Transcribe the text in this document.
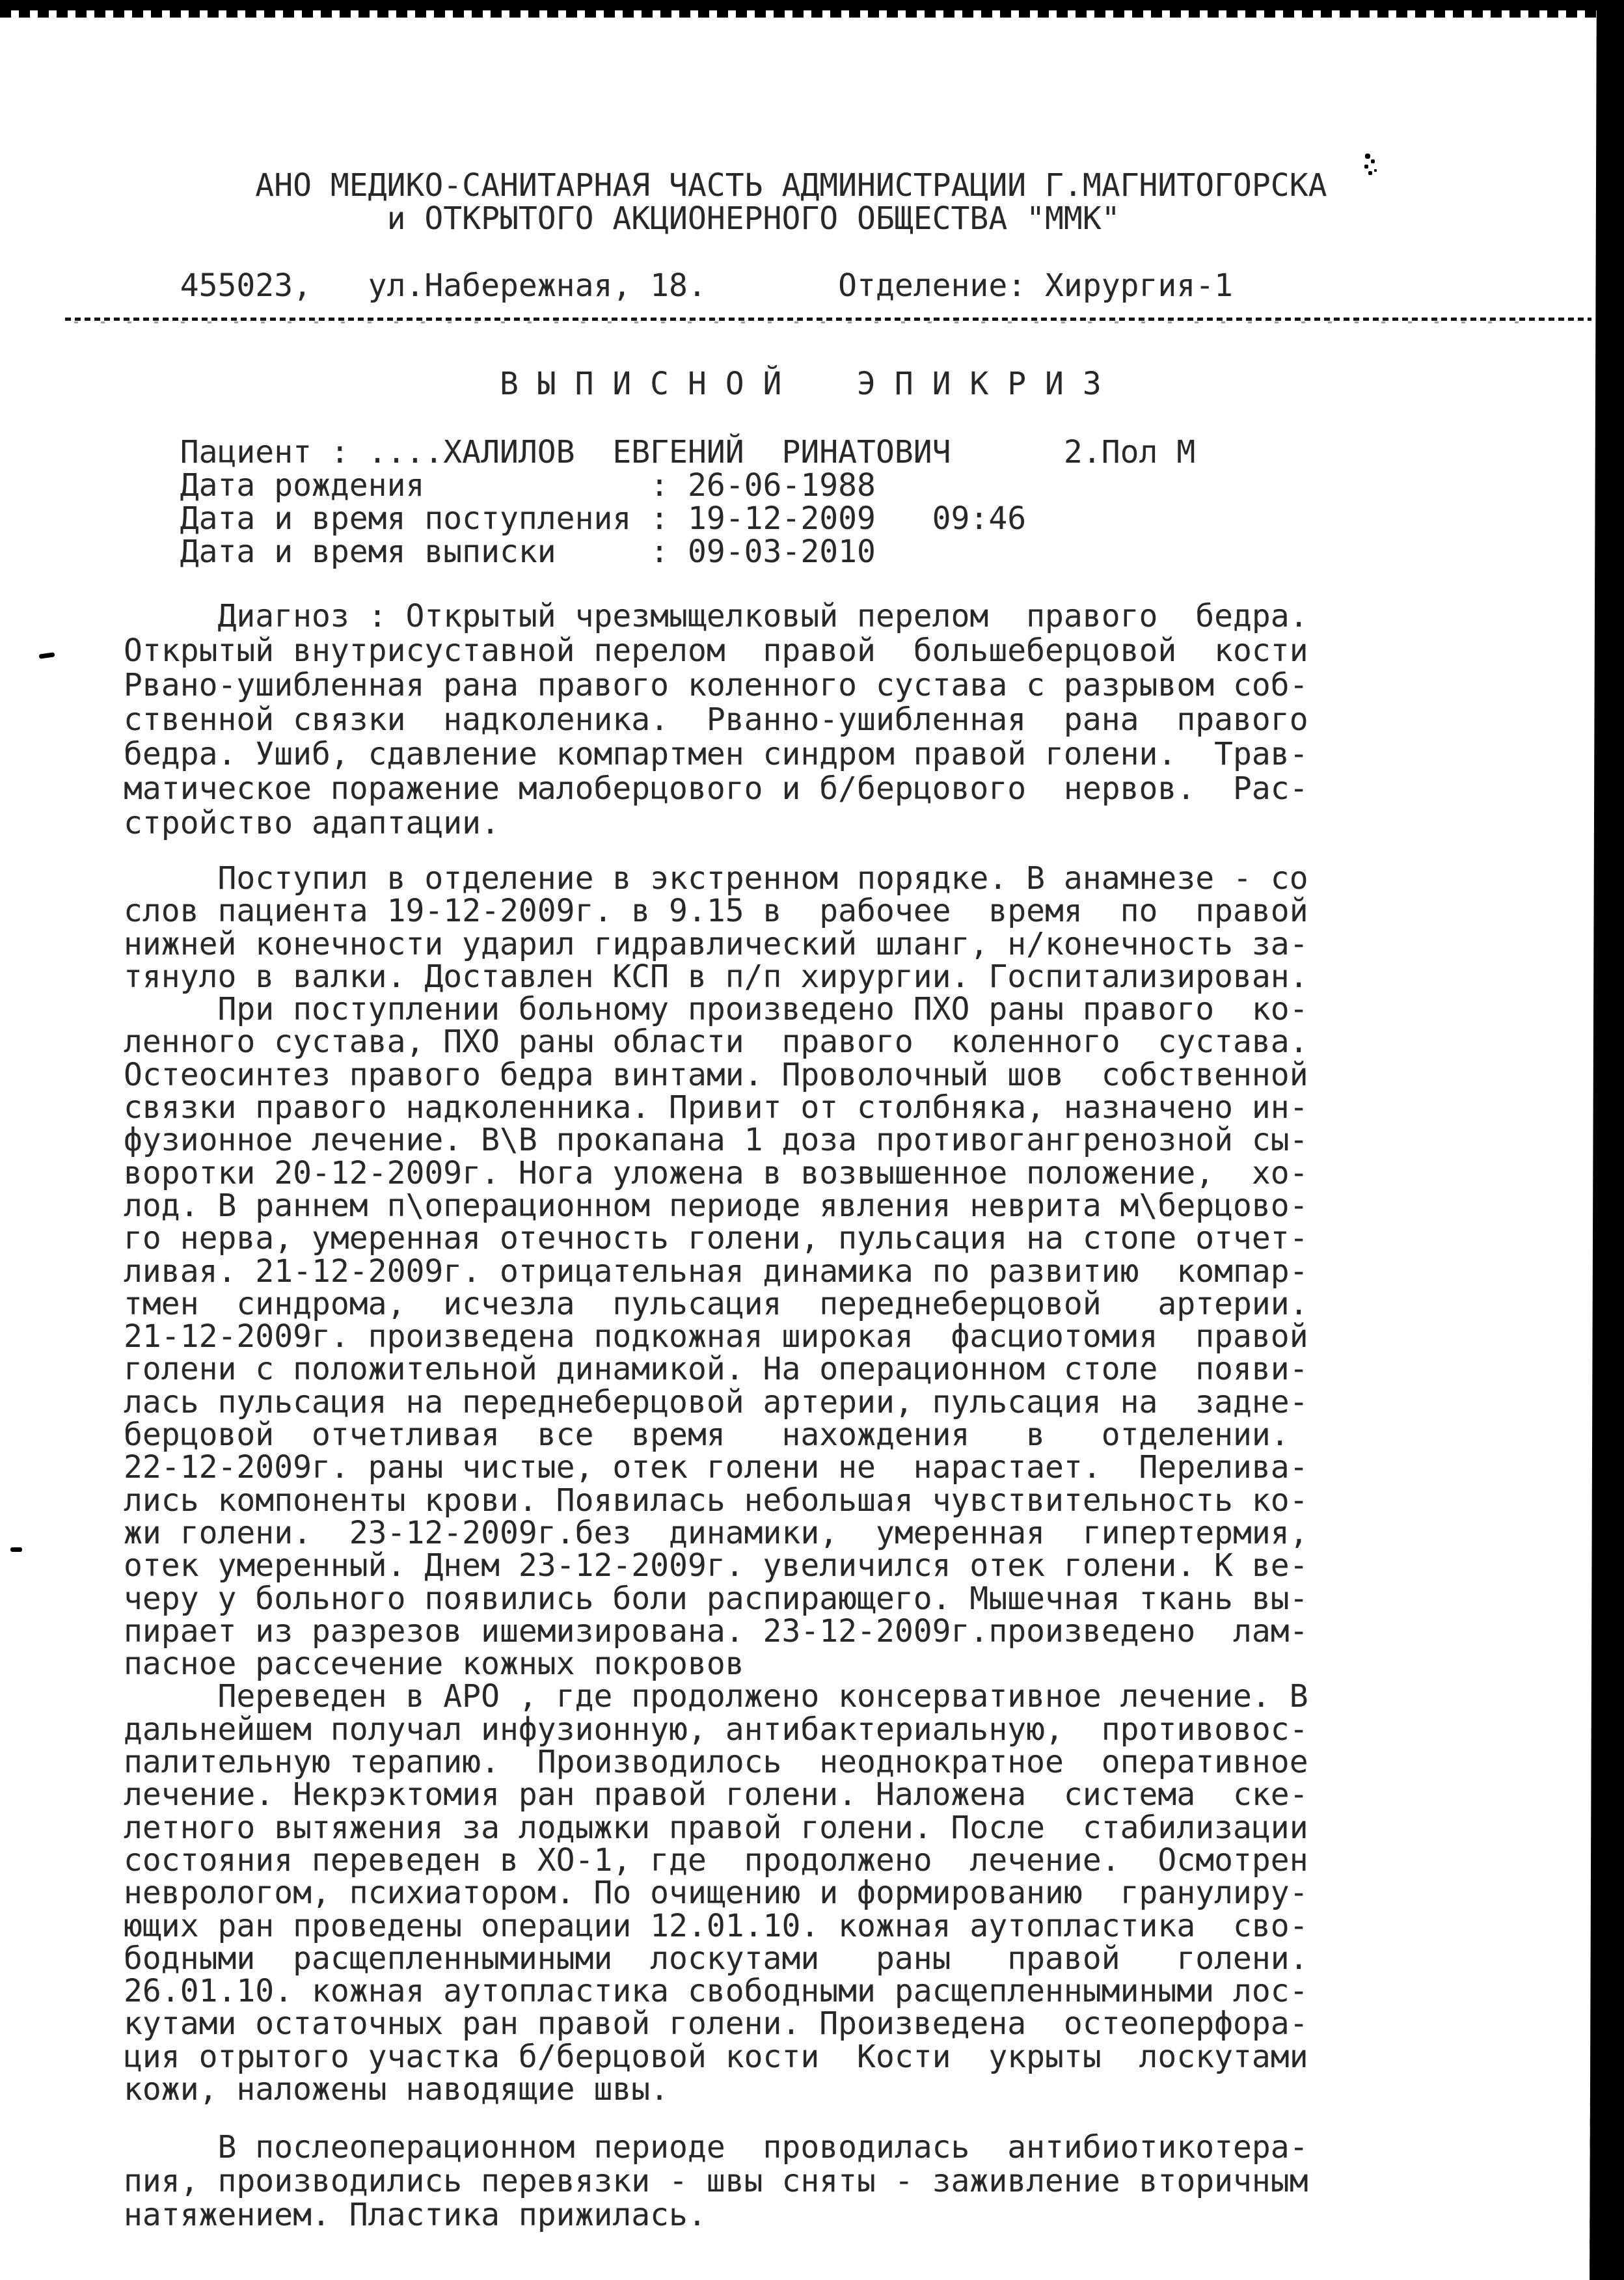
АНО МЕДИКО-САНИТАРНАЯ ЧАСТЬ АДМИНИСТРАЦИИ Г.МАГНИТОГОРСКА
и ОТКРЫТОГО АКЦИОНЕРНОГО ОБЩЕСТВА "ММК"
455023,   ул.Набережная, 18.       Отделение: Хирургия-1
В Ы П И С Н О Й    Э П И К Р И З
Пациент : ....ХАЛИЛОВ  ЕВГЕНИЙ  РИНАТОВИЧ      2.Пол М
Дата рождения            : 26-06-1988
Дата и время поступления : 19-12-2009   09:46
Дата и время выписки     : 09-03-2010
Диагноз : Открытый чрезмыщелковый перелом  правого  бедра.
Открытый внутрисуставной перелом  правой  большеберцовой  кости
Рвано-ушибленная рана правого коленного сустава с разрывом соб-
ственной связки  надколеника.  Рванно-ушибленная  рана  правого
бедра. Ушиб, сдавление компартмен синдром правой голени.  Трав-
матическое поражение малоберцового и б/берцового  нервов.  Рас-
стройство адаптации.
Поступил в отделение в экстренном порядке. В анамнезе - со
слов пациента 19-12-2009г. в 9.15 в  рабочее  время  по  правой
нижней конечности ударил гидравлический шланг, н/конечность за-
тянуло в валки. Доставлен КСП в п/п хирургии. Госпитализирован.
При поступлении больному произведено ПХО раны правого  ко-
ленного сустава, ПХО раны области  правого  коленного  сустава.
Остеосинтез правого бедра винтами. Проволочный шов  собственной
связки правого надколенника. Привит от столбняка, назначено ин-
фузионное лечение. В\В прокапана 1 доза противогангренозной сы-
воротки 20-12-2009г. Нога уложена в возвышенное положение,  хо-
лод. В раннем п\операционном периоде явления неврита м\берцово-
го нерва, умеренная отечность голени, пульсация на стопе отчет-
ливая. 21-12-2009г. отрицательная динамика по развитию  компар-
тмен  синдрома,  исчезла  пульсация  переднеберцовой   артерии.
21-12-2009г. произведена подкожная широкая  фасциотомия  правой
голени с положительной динамикой. На операционном столе  появи-
лась пульсация на переднеберцовой артерии, пульсация на  задне-
берцовой  отчетливая  все  время   нахождения   в   отделении.
22-12-2009г. раны чистые, отек голени не  нарастает.  Перелива-
лись компоненты крови. Появилась небольшая чувствительность ко-
жи голени.  23-12-2009г.без  динамики,  умеренная  гипертермия,
отек умеренный. Днем 23-12-2009г. увеличился отек голени. К ве-
черу у больного появились боли распирающего. Мышечная ткань вы-
пирает из разрезов ишемизирована. 23-12-2009г.произведено  лам-
пасное рассечение кожных покровов
Переведен в АРО , где продолжено консервативное лечение. В
дальнейшем получал инфузионную, антибактериальную,  противовос-
палительную терапию.  Производилось  неоднократное  оперативное
лечение. Некрэктомия ран правой голени. Наложена  система  ске-
летного вытяжения за лодыжки правой голени. После  стабилизации
состояния переведен в ХО-1, где  продолжено  лечение.  Осмотрен
неврологом, психиатором. По очищению и формированию  гранулиру-
ющих ран проведены операции 12.01.10. кожная аутопластика  сво-
бодными  расщепленнымиными  лоскутами   раны   правой   голени.
26.01.10. кожная аутопластика свободными расщепленнымиными лос-
кутами остаточных ран правой голени. Произведена  остеоперфора-
ция отрытого участка б/берцовой кости  Кости  укрыты  лоскутами
кожи, наложены наводящие швы.
В послеоперационном периоде  проводилась  антибиотикотера-
пия, производились перевязки - швы сняты - заживление вторичным
натяжением. Пластика прижилась.
